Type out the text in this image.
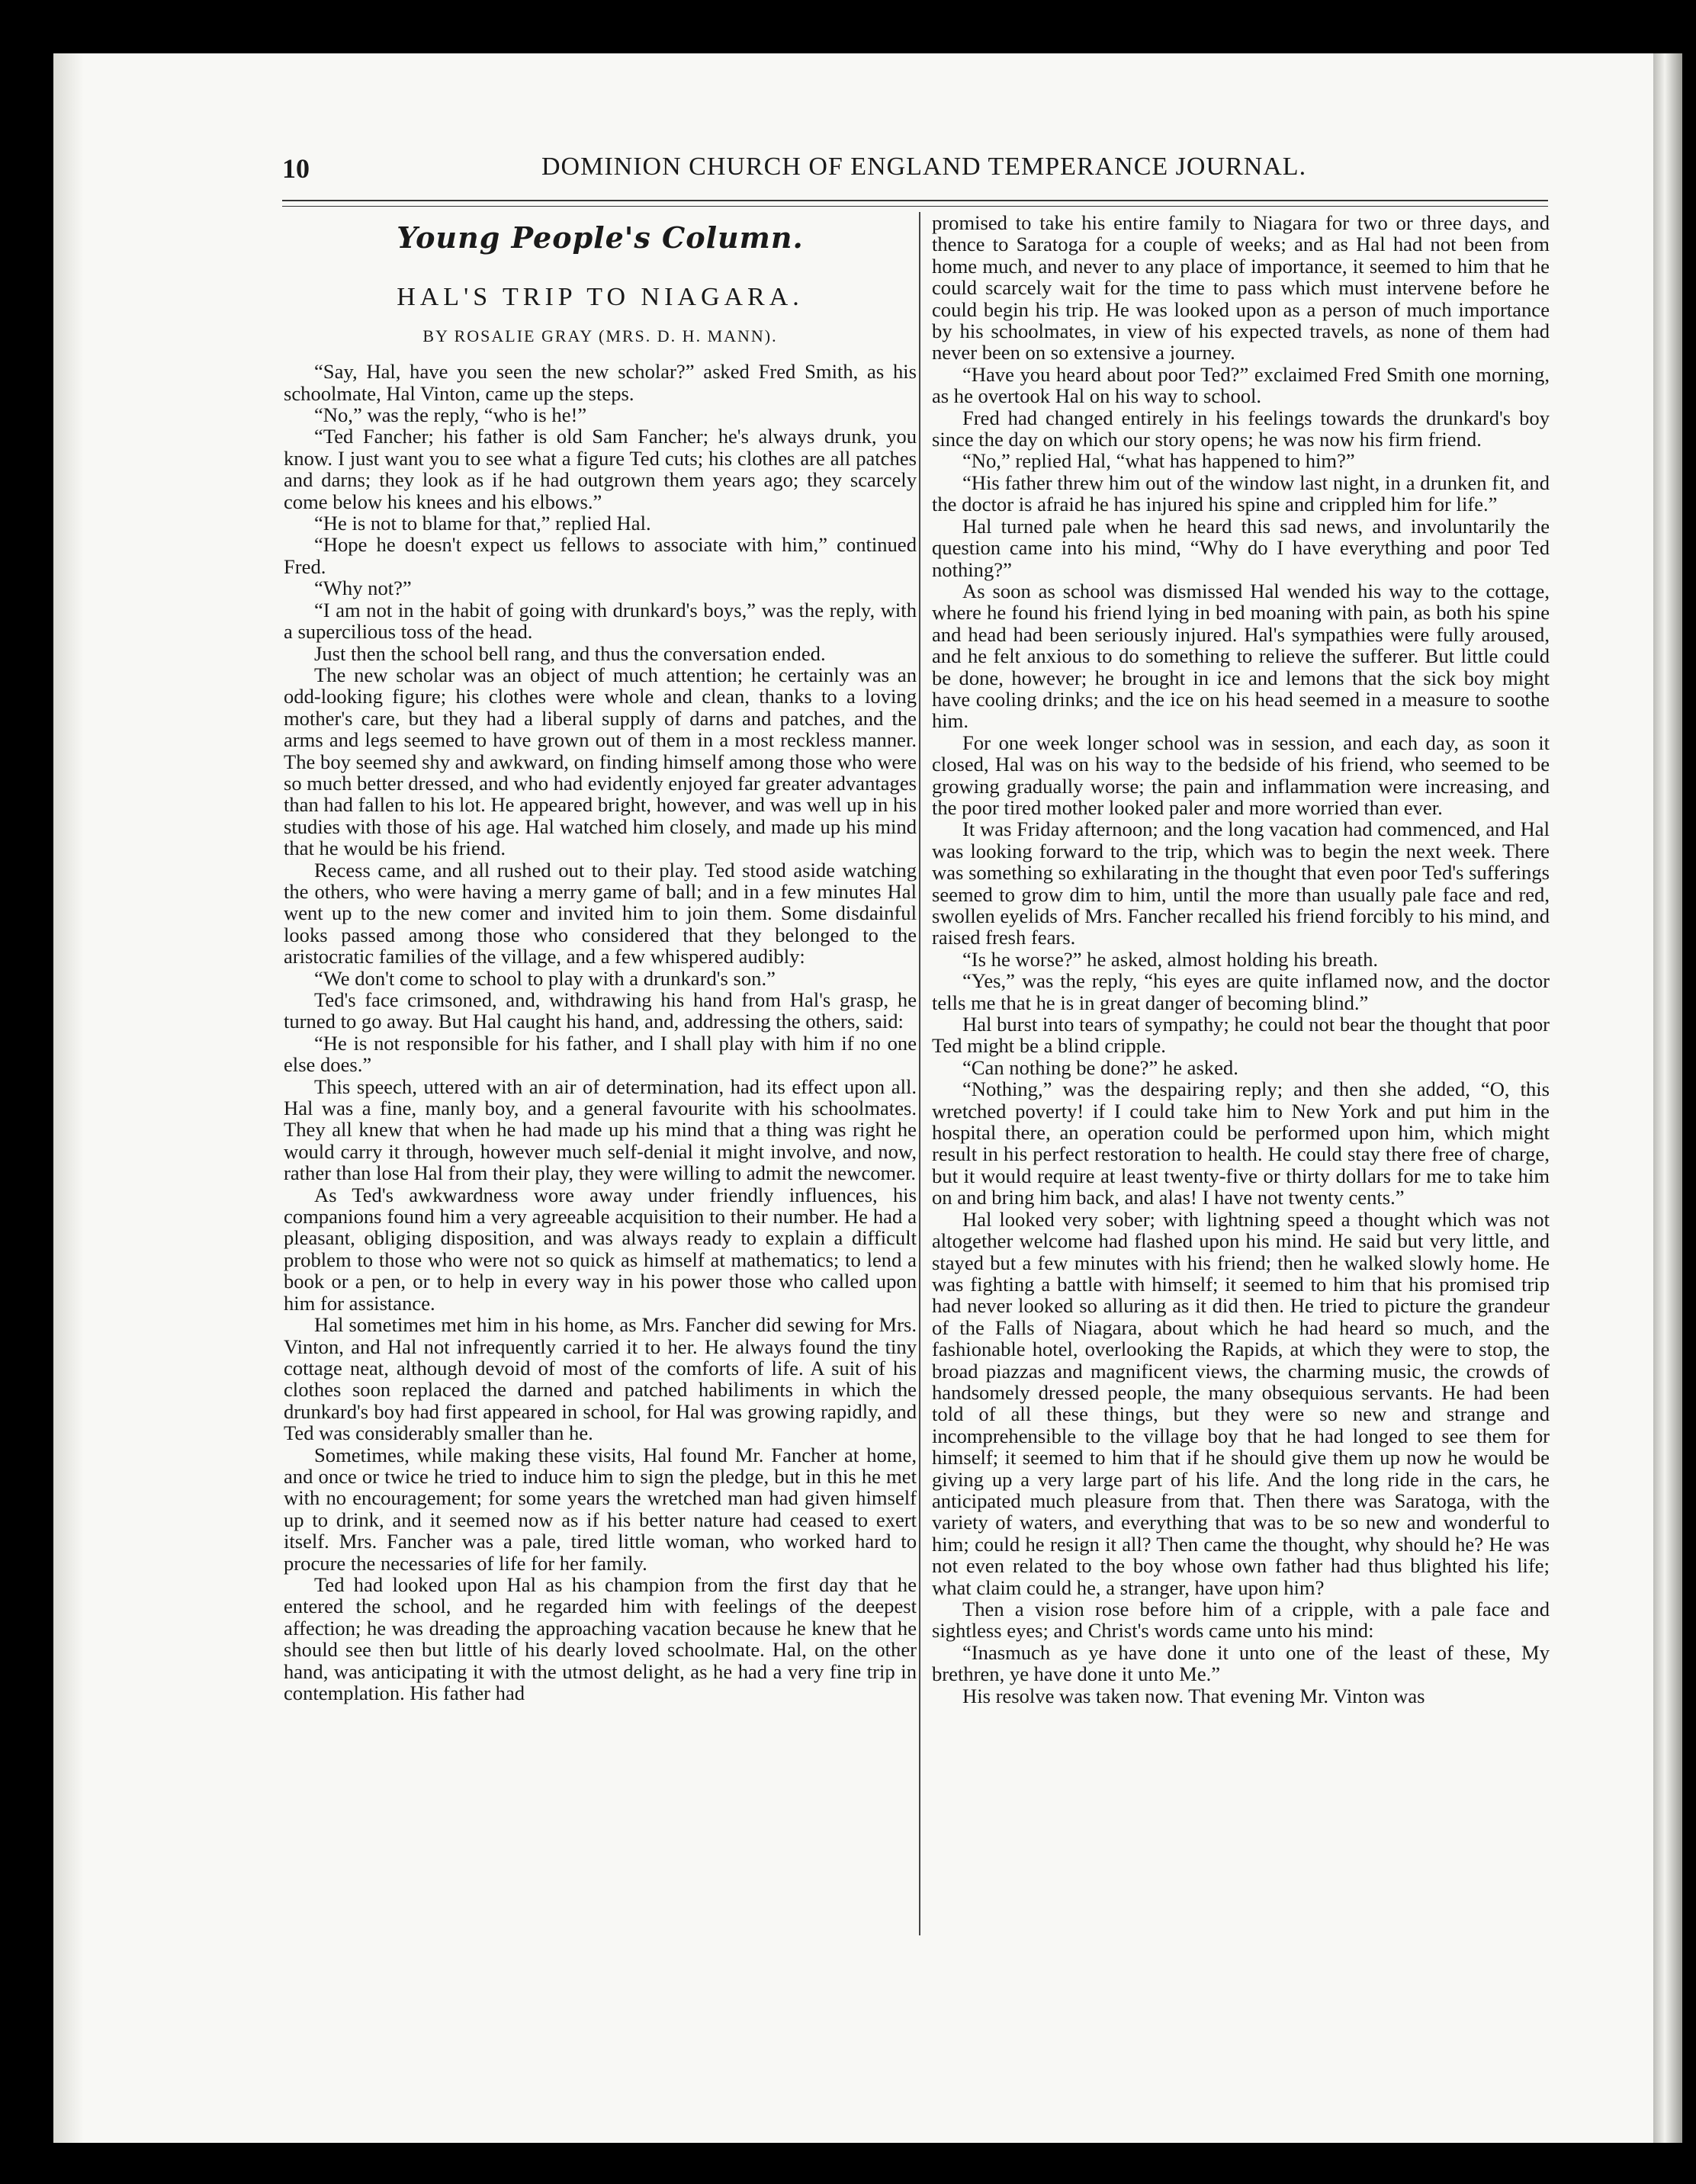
10	DOMINION CHURCH OF ENGLAND TEMPERANCE JOURNAL.
Young People's Column.
HAL'S TRIP TO NIAGARA.
BY ROSALIE GRAY (MRS. D. H. MANN).

“Say, Hal, have you seen the new scholar?” asked Fred Smith, as his schoolmate, Hal Vinton, came up the steps.

“No,” was the reply, “who is he!”

“Ted Fancher; his father is old Sam Fancher; he's always drunk, you know. I just want you to see what a figure Ted cuts; his clothes are all patches and darns; they look as if he had outgrown them years ago; they scarcely come below his knees and his elbows.”

“He is not to blame for that,” replied Hal.

“Hope he doesn't expect us fellows to associate with him,” continued Fred.

“Why not?”

“I am not in the habit of going with drunkard's boys,” was the reply, with a supercilious toss of the head.

Just then the school bell rang, and thus the conversation ended.

The new scholar was an object of much attention; he certainly was an odd-looking figure; his clothes were whole and clean, thanks to a loving mother's care, but they had a liberal supply of darns and patches, and the arms and legs seemed to have grown out of them in a most reckless manner. The boy seemed shy and awkward, on finding himself among those who were so much better dressed, and who had evidently enjoyed far greater advantages than had fallen to his lot. He appeared bright, however, and was well up in his studies with those of his age. Hal watched him closely, and made up his mind that he would be his friend.

Recess came, and all rushed out to their play. Ted stood aside watching the others, who were having a merry game of ball; and in a few minutes Hal went up to the new comer and invited him to join them. Some disdainful looks passed among those who considered that they belonged to the aristocratic families of the village, and a few whispered audibly:

“We don't come to school to play with a drunkard's son.”

Ted's face crimsoned, and, withdrawing his hand from Hal's grasp, he turned to go away. But Hal caught his hand, and, addressing the others, said:

“He is not responsible for his father, and I shall play with him if no one else does.”

This speech, uttered with an air of determination, had its effect upon all. Hal was a fine, manly boy, and a general favourite with his schoolmates. They all knew that when he had made up his mind that a thing was right he would carry it through, however much self-denial it might involve, and now, rather than lose Hal from their play, they were willing to admit the newcomer.

As Ted's awkwardness wore away under friendly influences, his companions found him a very agreeable acquisition to their number. He had a pleasant, obliging disposition, and was always ready to explain a difficult problem to those who were not so quick as himself at mathematics; to lend a book or a pen, or to help in every way in his power those who called upon him for assistance.

Hal sometimes met him in his home, as Mrs. Fancher did sewing for Mrs. Vinton, and Hal not infrequently carried it to her. He always found the tiny cottage neat, although devoid of most of the comforts of life. A suit of his clothes soon replaced the darned and patched habiliments in which the drunkard's boy had first appeared in school, for Hal was growing rapidly, and Ted was considerably smaller than he.

Sometimes, while making these visits, Hal found Mr. Fancher at home, and once or twice he tried to induce him to sign the pledge, but in this he met with no encouragement; for some years the wretched man had given himself up to drink, and it seemed now as if his better nature had ceased to exert itself. Mrs. Fancher was a pale, tired little woman, who worked hard to procure the necessaries of life for her family.

Ted had looked upon Hal as his champion from the first day that he entered the school, and he regarded him with feelings of the deepest affection; he was dreading the approaching vacation because he knew that he should see then but little of his dearly loved schoolmate. Hal, on the other hand, was anticipating it with the utmost delight, as he had a very fine trip in contemplation. His father had

promised to take his entire family to Niagara for two or three days, and thence to Saratoga for a couple of weeks; and as Hal had not been from home much, and never to any place of importance, it seemed to him that he could scarcely wait for the time to pass which must intervene before he could begin his trip. He was looked upon as a person of much importance by his schoolmates, in view of his expected travels, as none of them had never been on so extensive a journey.

“Have you heard about poor Ted?” exclaimed Fred Smith one morning, as he overtook Hal on his way to school.

Fred had changed entirely in his feelings towards the drunkard's boy since the day on which our story opens; he was now his firm friend.

“No,” replied Hal, “what has happened to him?”

“His father threw him out of the window last night, in a drunken fit, and the doctor is afraid he has injured his spine and crippled him for life.”

Hal turned pale when he heard this sad news, and involuntarily the question came into his mind, “Why do I have everything and poor Ted nothing?”

As soon as school was dismissed Hal wended his way to the cottage, where he found his friend lying in bed moaning with pain, as both his spine and head had been seriously injured. Hal's sympathies were fully aroused, and he felt anxious to do something to relieve the sufferer. But little could be done, however; he brought in ice and lemons that the sick boy might have cooling drinks; and the ice on his head seemed in a measure to soothe him.

For one week longer school was in session, and each day, as soon it closed, Hal was on his way to the bedside of his friend, who seemed to be growing gradually worse; the pain and inflammation were increasing, and the poor tired mother looked paler and more worried than ever.

It was Friday afternoon; and the long vacation had commenced, and Hal was looking forward to the trip, which was to begin the next week. There was something so exhilarating in the thought that even poor Ted's sufferings seemed to grow dim to him, until the more than usually pale face and red, swollen eyelids of Mrs. Fancher recalled his friend forcibly to his mind, and raised fresh fears.

“Is he worse?” he asked, almost holding his breath.

“Yes,” was the reply, “his eyes are quite inflamed now, and the doctor tells me that he is in great danger of becoming blind.”

Hal burst into tears of sympathy; he could not bear the thought that poor Ted might be a blind cripple.

“Can nothing be done?” he asked.

“Nothing,” was the despairing reply; and then she added, “O, this wretched poverty! if I could take him to New York and put him in the hospital there, an operation could be performed upon him, which might result in his perfect restoration to health. He could stay there free of charge, but it would require at least twenty-five or thirty dollars for me to take him on and bring him back, and alas! I have not twenty cents.”

Hal looked very sober; with lightning speed a thought which was not altogether welcome had flashed upon his mind. He said but very little, and stayed but a few minutes with his friend; then he walked slowly home. He was fighting a battle with himself; it seemed to him that his promised trip had never looked so alluring as it did then. He tried to picture the grandeur of the Falls of Niagara, about which he had heard so much, and the fashionable hotel, overlooking the Rapids, at which they were to stop, the broad piazzas and magnificent views, the charming music, the crowds of handsomely dressed people, the many obsequious servants. He had been told of all these things, but they were so new and strange and incomprehensible to the village boy that he had longed to see them for himself; it seemed to him that if he should give them up now he would be giving up a very large part of his life. And the long ride in the cars, he anticipated much pleasure from that. Then there was Saratoga, with the variety of waters, and everything that was to be so new and wonderful to him; could he resign it all? Then came the thought, why should he? He was not even related to the boy whose own father had thus blighted his life; what claim could he, a stranger, have upon him?

Then a vision rose before him of a cripple, with a pale face and sightless eyes; and Christ's words came unto his mind:

“Inasmuch as ye have done it unto one of the least of these, My brethren, ye have done it unto Me.”

His resolve was taken now. That evening Mr. Vinton was
